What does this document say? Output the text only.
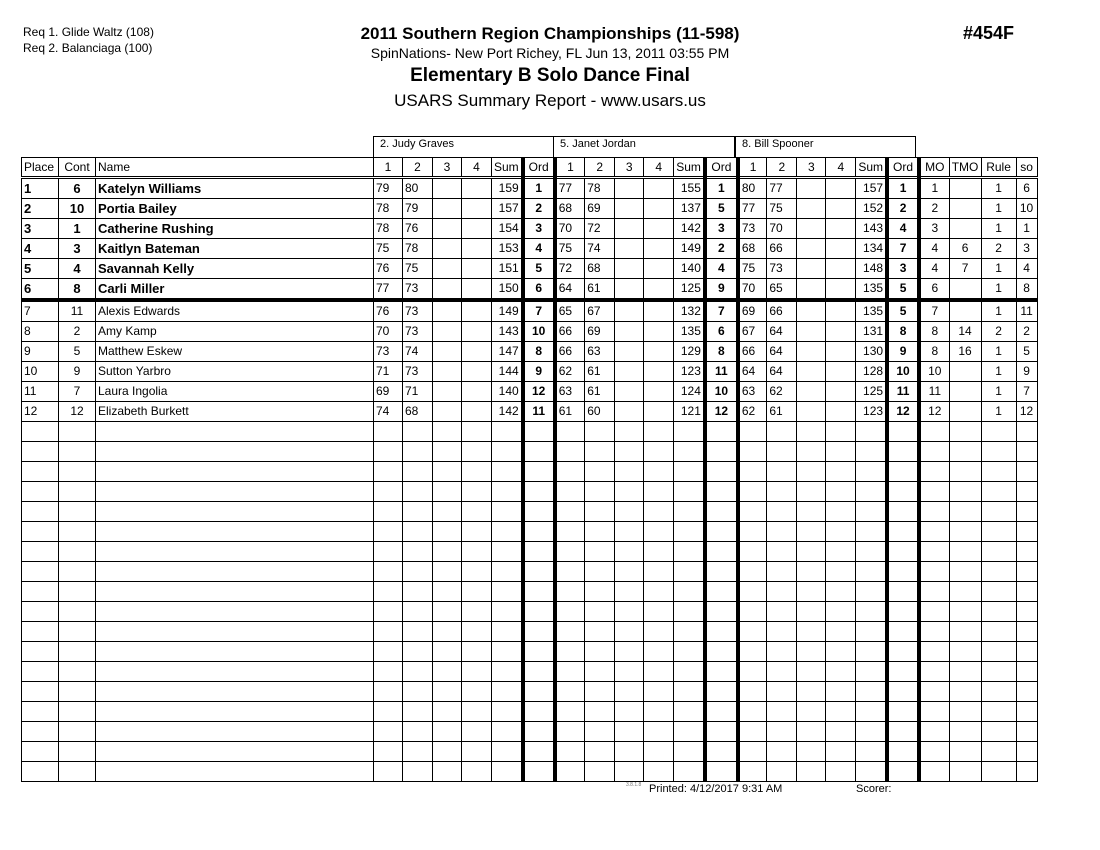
Req 1. Glide Waltz (108)
Req 2. Balanciaga (100)
2011 Southern Region Championships (11-598)
SpinNations- New Port Richey, FL Jun 13, 2011 03:55 PM
Elementary B Solo Dance Final
USARS Summary Report - www.usars.us
#454F
2. Judy Graves	5. Janet Jordan	8. Bill Spooner
Place	Cont	Name	1	2	3	4	Sum	Ord	1	2	3	4	Sum	Ord	1	2	3	4	Sum	Ord	MO	TMO	Rule	so
1	6	Katelyn Williams	79	80			159	1	77	78			155	1	80	77			157	1	1		1	6
2	10	Portia Bailey	78	79			157	2	68	69			137	5	77	75			152	2	2		1	10
3	1	Catherine Rushing	78	76			154	3	70	72			142	3	73	70			143	4	3		1	1
4	3	Kaitlyn Bateman	75	78			153	4	75	74			149	2	68	66			134	7	4	6	2	3
5	4	Savannah Kelly	76	75			151	5	72	68			140	4	75	73			148	3	4	7	1	4
6	8	Carli Miller	77	73			150	6	64	61			125	9	70	65			135	5	6		1	8
7	11	Alexis Edwards	76	73			149	7	65	67			132	7	69	66			135	5	7		1	11
8	2	Amy Kamp	70	73			143	10	66	69			135	6	67	64			131	8	8	14	2	2
9	5	Matthew Eskew	73	74			147	8	66	63			129	8	66	64			130	9	8	16	1	5
10	9	Sutton Yarbro	71	73			144	9	62	61			123	11	64	64			128	10	10		1	9
11	7	Laura Ingolia	69	71			140	12	63	61			124	10	63	62			125	11	11		1	7
12	12	Elizabeth Burkett	74	68			142	11	61	60			121	12	62	61			123	12	12		1	12

3.8.1.8 Printed: 4/12/2017 9:31 AM	Scorer:
